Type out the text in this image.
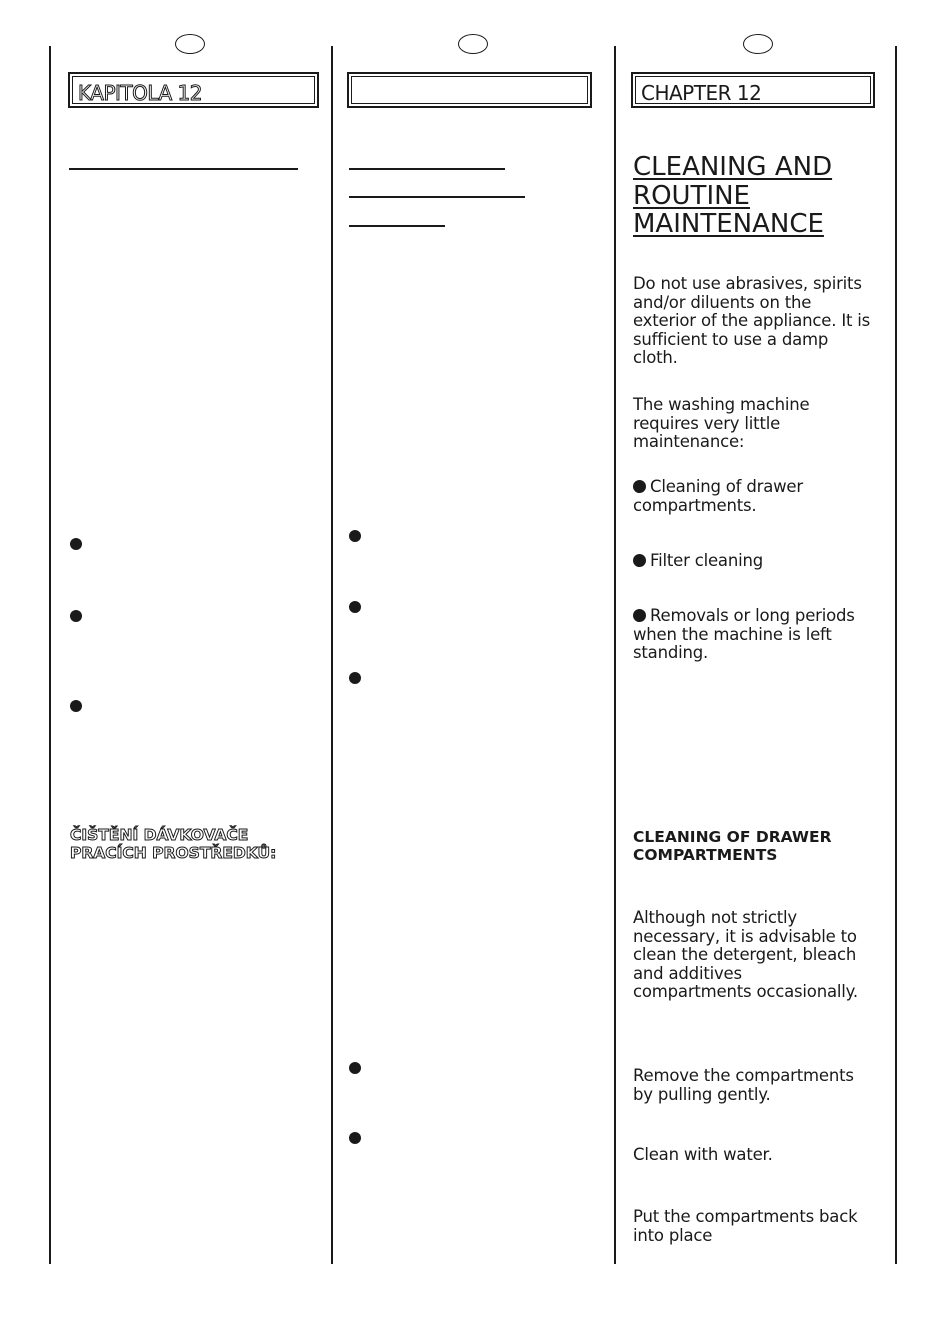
KAPITOLA 12
ČIŠTĚNÍ DÁVKOVAČE
PRACÍCH PROSTŘEDKŮ:
CHAPTER 12
CLEANING AND
ROUTINE
MAINTENANCE
Do not use abrasives, spirits
and/or diluents on the
exterior of the appliance. It is
sufficient to use a damp
cloth.
The washing machine
requires very little
maintenance:
Cleaning of drawer
compartments.
Filter cleaning
Removals or long periods
when the machine is left
standing.
CLEANING OF DRAWER
COMPARTMENTS
Although not strictly
necessary, it is advisable to
clean the detergent, bleach
and additives
compartments occasionally.
Remove the compartments
by pulling gently.
Clean with water.
Put the compartments back
into place
